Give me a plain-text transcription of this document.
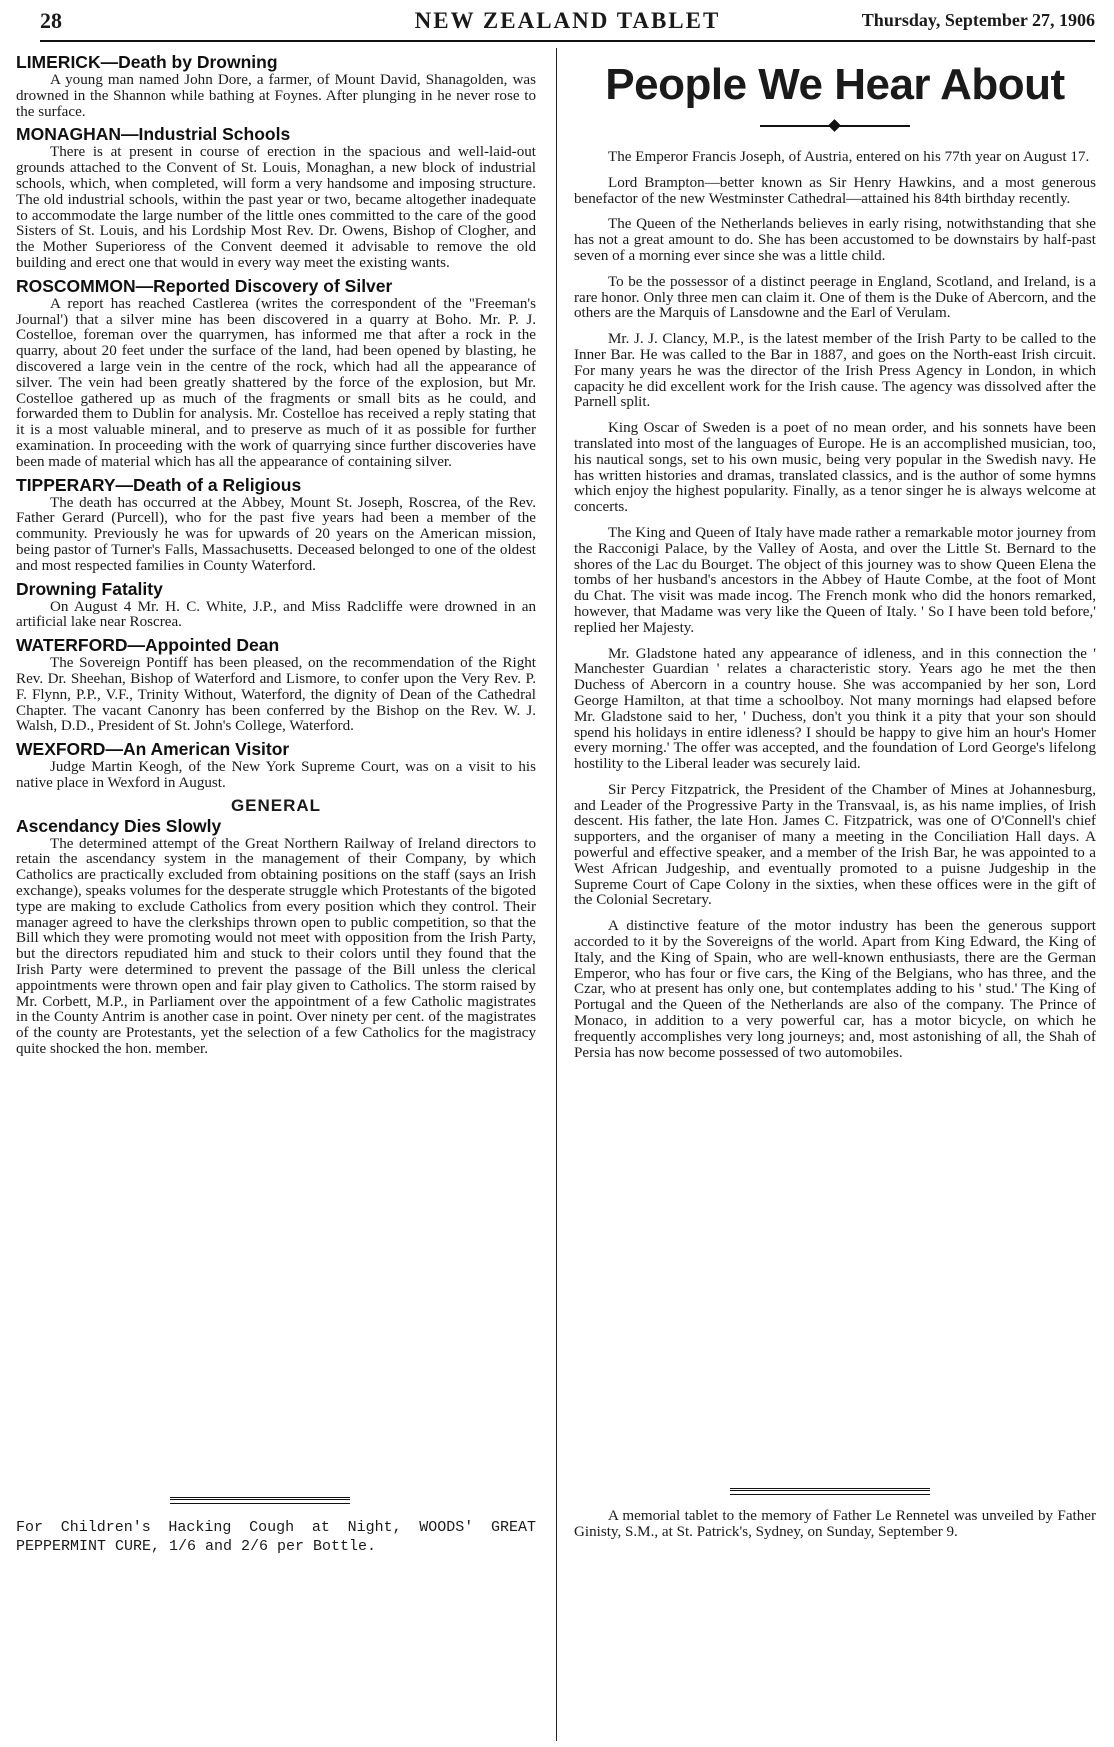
28	NEW ZEALAND TABLET	Thursday, September 27, 1906
LIMERICK—Death by Drowning

A young man named John Dore, a farmer, of Mount David, Shanagolden, was drowned in the Shannon while bathing at Foynes. After plunging in he never rose to the surface.

MONAGHAN—Industrial Schools

There is at present in course of erection in the spacious and well-laid-out grounds attached to the Convent of St. Louis, Monaghan, a new block of industrial schools, which, when completed, will form a very handsome and imposing structure. The old industrial schools, within the past year or two, became altogether inadequate to accommodate the large number of the little ones committed to the care of the good Sisters of St. Louis, and his Lordship Most Rev. Dr. Owens, Bishop of Clogher, and the Mother Superioress of the Convent deemed it advisable to remove the old building and erect one that would in every way meet the existing wants.

ROSCOMMON—Reported Discovery of Silver

A report has reached Castlerea (writes the correspondent of the ''Freeman's Journal') that a silver mine has been discovered in a quarry at Boho. Mr. P. J. Costelloe, foreman over the quarrymen, has informed me that after a rock in the quarry, about 20 feet under the surface of the land, had been opened by blasting, he discovered a large vein in the centre of the rock, which had all the appearance of silver. The vein had been greatly shattered by the force of the explosion, but Mr. Costelloe gathered up as much of the fragments or small bits as he could, and forwarded them to Dublin for analysis. Mr. Costelloe has received a reply stating that it is a most valuable mineral, and to preserve as much of it as possible for further examination. In proceeding with the work of quarrying since further discoveries have been made of material which has all the appearance of containing silver.

TIPPERARY—Death of a Religious

The death has occurred at the Abbey, Mount St. Joseph, Roscrea, of the Rev. Father Gerard (Purcell), who for the past five years had been a member of the community. Previously he was for upwards of 20 years on the American mission, being pastor of Turner's Falls, Massachusetts. Deceased belonged to one of the oldest and most respected families in County Waterford.

Drowning Fatality

On August 4 Mr. H. C. White, J.P., and Miss Radcliffe were drowned in an artificial lake near Roscrea.

WATERFORD—Appointed Dean

The Sovereign Pontiff has been pleased, on the recommendation of the Right Rev. Dr. Sheehan, Bishop of Waterford and Lismore, to confer upon the Very Rev. P. F. Flynn, P.P., V.F., Trinity Without, Waterford, the dignity of Dean of the Cathedral Chapter. The vacant Canonry has been conferred by the Bishop on the Rev. W. J. Walsh, D.D., President of St. John's College, Waterford.

WEXFORD—An American Visitor

Judge Martin Keogh, of the New York Supreme Court, was on a visit to his native place in Wexford in August.

GENERAL
Ascendancy Dies Slowly

The determined attempt of the Great Northern Railway of Ireland directors to retain the ascendancy system in the management of their Company, by which Catholics are practically excluded from obtaining positions on the staff (says an Irish exchange), speaks volumes for the desperate struggle which Protestants of the bigoted type are making to exclude Catholics from every position which they control. Their manager agreed to have the clerkships thrown open to public competition, so that the Bill which they were promoting would not meet with opposition from the Irish Party, but the directors repudiated him and stuck to their colors until they found that the Irish Party were determined to prevent the passage of the Bill unless the clerical appointments were thrown open and fair play given to Catholics. The storm raised by Mr. Corbett, M.P., in Parliament over the appointment of a few Catholic magistrates in the County Antrim is another case in point. Over ninety per cent. of the magistrates of the county are Protestants, yet the selection of a few Catholics for the magistracy quite shocked the hon. member.

For Children's Hacking Cough at Night, WOODS' GREAT PEPPERMINT CURE, 1/6 and 2/6 per Bottle.
People We Hear About

The Emperor Francis Joseph, of Austria, entered on his 77th year on August 17.

Lord Brampton—better known as Sir Henry Hawkins, and a most generous benefactor of the new Westminster Cathedral—attained his 84th birthday recently.

The Queen of the Netherlands believes in early rising, notwithstanding that she has not a great amount to do. She has been accustomed to be downstairs by half-past seven of a morning ever since she was a little child.

To be the possessor of a distinct peerage in England, Scotland, and Ireland, is a rare honor. Only three men can claim it. One of them is the Duke of Abercorn, and the others are the Marquis of Lansdowne and the Earl of Verulam.

Mr. J. J. Clancy, M.P., is the latest member of the Irish Party to be called to the Inner Bar. He was called to the Bar in 1887, and goes on the North-east Irish circuit. For many years he was the director of the Irish Press Agency in London, in which capacity he did excellent work for the Irish cause. The agency was dissolved after the Parnell split.

King Oscar of Sweden is a poet of no mean order, and his sonnets have been translated into most of the languages of Europe. He is an accomplished musician, too, his nautical songs, set to his own music, being very popular in the Swedish navy. He has written histories and dramas, translated classics, and is the author of some hymns which enjoy the highest popularity. Finally, as a tenor singer he is always welcome at concerts.

The King and Queen of Italy have made rather a remarkable motor journey from the Racconigi Palace, by the Valley of Aosta, and over the Little St. Bernard to the shores of the Lac du Bourget. The object of this journey was to show Queen Elena the tombs of her husband's ancestors in the Abbey of Haute Combe, at the foot of Mont du Chat. The visit was made incog. The French monk who did the honors remarked, however, that Madame was very like the Queen of Italy. ' So I have been told before,' replied her Majesty.

Mr. Gladstone hated any appearance of idleness, and in this connection the ' Manchester Guardian ' relates a characteristic story. Years ago he met the then Duchess of Abercorn in a country house. She was accompanied by her son, Lord George Hamilton, at that time a schoolboy. Not many mornings had elapsed before Mr. Gladstone said to her, ' Duchess, don't you think it a pity that your son should spend his holidays in entire idleness? I should be happy to give him an hour's Homer every morning.' The offer was accepted, and the foundation of Lord George's lifelong hostility to the Liberal leader was securely laid.

Sir Percy Fitzpatrick, the President of the Chamber of Mines at Johannesburg, and Leader of the Progressive Party in the Transvaal, is, as his name implies, of Irish descent. His father, the late Hon. James C. Fitzpatrick, was one of O'Connell's chief supporters, and the organiser of many a meeting in the Conciliation Hall days. A powerful and effective speaker, and a member of the Irish Bar, he was appointed to a West African Judgeship, and eventually promoted to a puisne Judgeship in the Supreme Court of Cape Colony in the sixties, when these offices were in the gift of the Colonial Secretary.

A distinctive feature of the motor industry has been the generous support accorded to it by the Sovereigns of the world. Apart from King Edward, the King of Italy, and the King of Spain, who are well-known enthusiasts, there are the German Emperor, who has four or five cars, the King of the Belgians, who has three, and the Czar, who at present has only one, but contemplates adding to his ' stud.' The King of Portugal and the Queen of the Netherlands are also of the company. The Prince of Monaco, in addition to a very powerful car, has a motor bicycle, on which he frequently accomplishes very long journeys; and, most astonishing of all, the Shah of Persia has now become possessed of two automobiles.

A memorial tablet to the memory of Father Le Rennetel was unveiled by Father Ginisty, S.M., at St. Patrick's, Sydney, on Sunday, September 9.
